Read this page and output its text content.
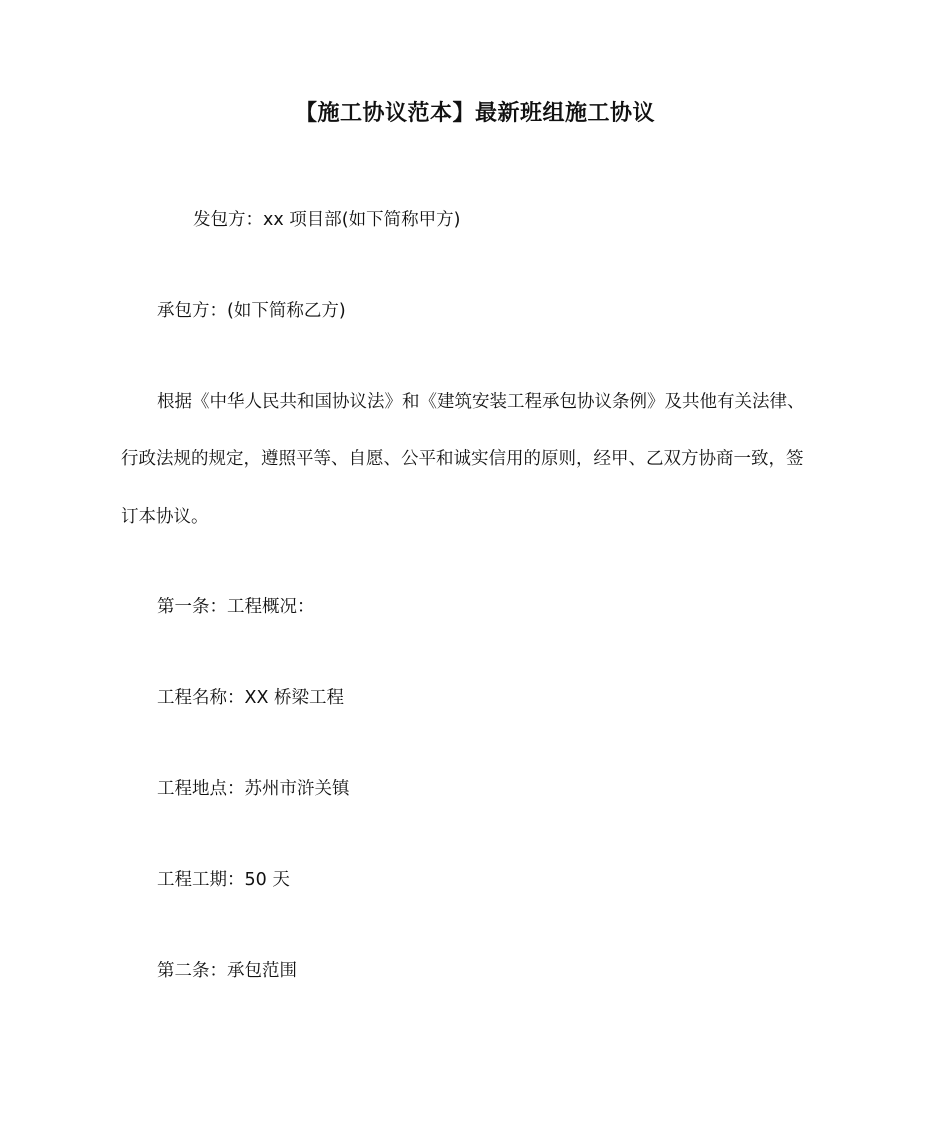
【施工协议范本】最新班组施工协议
发包方：xx 项目部(如下简称甲方)
承包方：(如下简称乙方)
根据《中华人民共和国协议法》和《建筑安装工程承包协议条例》及共他有关法律、
行政法规的规定，遵照平等、自愿、公平和诚实信用的原则，经甲、乙双方协商一致，签
订本协议。
第一条：工程概况：
工程名称：XX 桥梁工程
工程地点：苏州市浒关镇
工程工期：50 天
第二条：承包范围
